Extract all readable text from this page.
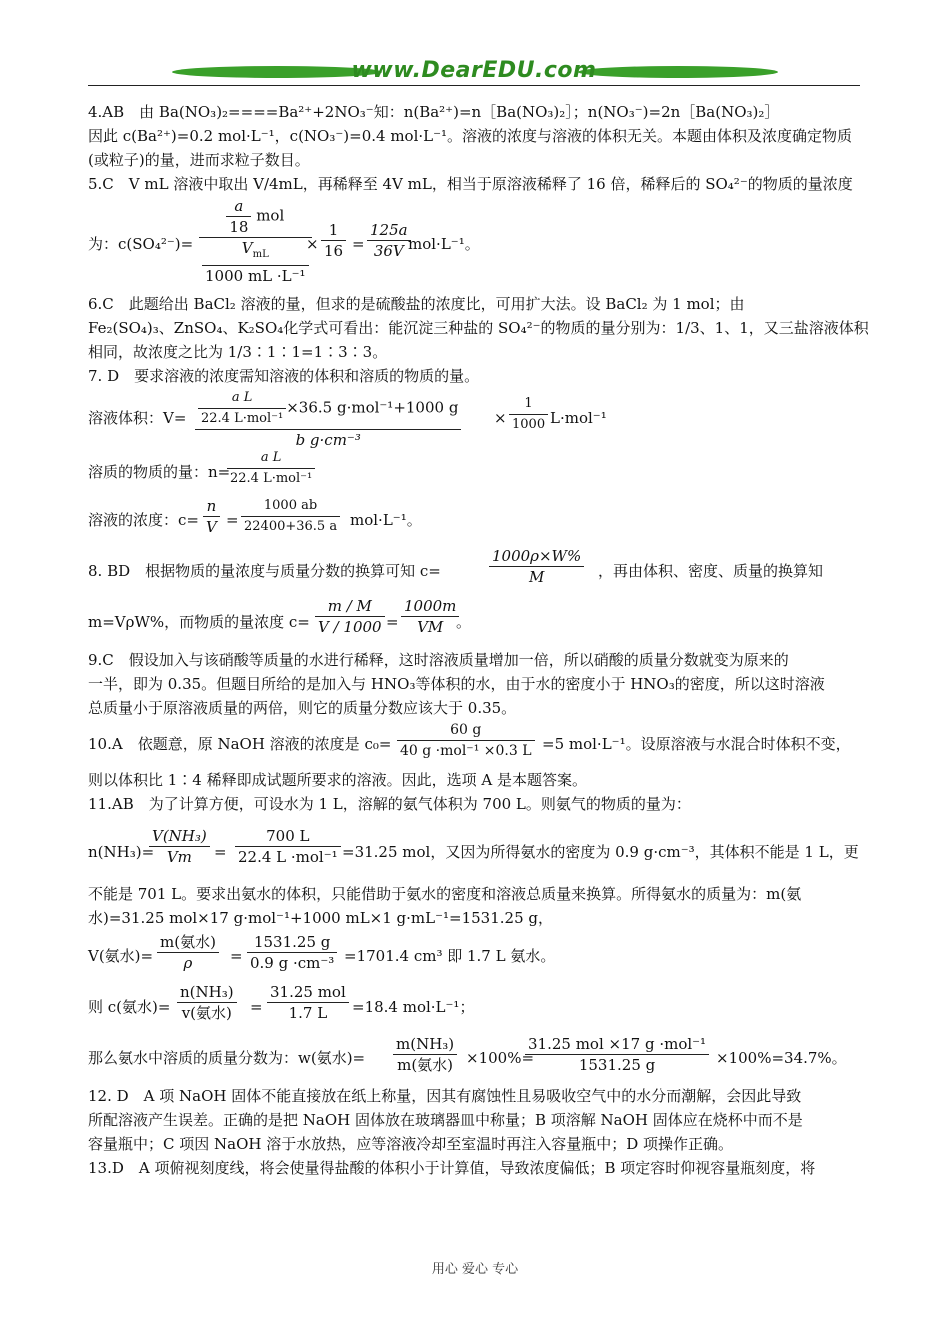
www.DearEDU.com
4.AB　由 Ba(NO₃)₂====Ba²⁺+2NO₃⁻知：n(Ba²⁺)=n［Ba(NO₃)₂］；n(NO₃⁻)=2n［Ba(NO₃)₂］
因此 c(Ba²⁺)=0.2 mol·L⁻¹，c(NO₃⁻)=0.4 mol·L⁻¹。溶液的浓度与溶液的体积无关。本题由体积及浓度确定物质
(或粒子)的量，进而求粒子数目。
5.C　V mL 溶液中取出 V/4mL，再稀释至 4V mL，相当于原溶液稀释了 16 倍，稀释后的 SO₄²⁻的物质的量浓度
为：c(SO₄²⁻)=
$\frac{a}{18}$ mol
$\frac{V_{mL}}{\text{1000 mL ·L⁻¹}}$
× $\frac{1}{16} = \frac{125a}{36V}$
mol·L⁻¹。
6.C　此题给出 BaCl₂ 溶液的量，但求的是硫酸盐的浓度比，可用扩大法。设 BaCl₂ 为 1 mol；由
Fe₂(SO₄)₃、ZnSO₄、K₂SO₄化学式可看出：能沉淀三种盐的 SO₄²⁻的物质的量分别为：1/3、1、1，又三盐溶液体积
相同，故浓度之比为 1/3∶1∶1=1∶3∶3。
7. D　要求溶液的浓度需知溶液的体积和溶质的物质的量。
溶液体积：$V= \frac{\text{a L}}{\text{22.4 L·mol⁻¹}} \times 36.5$ g·mol⁻¹+1000 g
b g·cm⁻³
× $\frac{1}{1000} L\cdot mol^{-1}$
溶质的物质的量：n=
a L
22.4 L·mol⁻¹
溶液的浓度：$c= \frac{n}{V} = \frac{1000 ab}{22400+36.5 a} mol\cdot L^{-1}$。
8. BD　根据物质的量浓度与质量分数的换算可知 c=	$\frac{1000\rho\times W\%}{M}$ ，再由体积、密度、质量的换算知
m=VρW%，而物质的量浓度 $c= \frac{m / M}{V / 1000} = \frac{1000m}{VM}$
。
9.C　假设加入与该硝酸等质量的水进行稀释，这时溶液质量增加一倍，所以硝酸的质量分数就变为原来的
一半，即为 0.35。但题目所给的是加入与 HNO₃等体积的水，由于水的密度小于 HNO₃的密度，所以这时溶液
总质量小于原溶液质量的两倍，则它的质量分数应该大于 0.35。
10.A　依题意，原 NaOH 溶液的浓度是 c₀=
60 g
40 g ·mol⁻¹ ×0.3 L =5 mol·L⁻¹。设原溶液与水混合时体积不变，
则以体积比 1∶4 稀释即成试题所要求的溶液。因此，选项 A 是本题答案。
11.AB　为了计算方便，可设水为 1 L，溶解的氨气体积为 700 L。则氨气的物质的量为：
n(NH₃)=
$\frac{\text{V(NH₃)}}{Vm}$ =
700 L
22.4 L ·mol⁻¹ =31.25 mol，又因为所得氨水的密度为 0.9 g·cm⁻³，其体积不能是 1 L，更
不能是 701 L。要求出氨水的体积，只能借助于氨水的密度和溶液总质量来换算。所得氨水的质量为：m(氨
水)=31.25 mol×17 g·mol⁻¹+1000 mL×1 g·mL⁻¹=1531.25 g，
V(氨水)=
m(氨水)
ρ	= $\frac{1531.25 g}{\text{0.9 g ·cm⁻³}} =1701.4$ cm³ 即 1.7 L 氨水。
则 c(氨水)=
n(NH₃)
v(氨水)	=
31.25 mol
1.7 L	=18.4 mol·L⁻¹；
那么氨水中溶质的质量分数为：w(氨水)=
m(NH₃)
m(氨水) ×100%=
31.25 mol ×17 g ·mol⁻¹
1531.25 g	×100%=34.7%。
12. D　A 项 NaOH 固体不能直接放在纸上称量，因其有腐蚀性且易吸收空气中的水分而潮解，会因此导致
所配溶液产生误差。正确的是把 NaOH 固体放在玻璃器皿中称量；B 项溶解 NaOH 固体应在烧杯中而不是
容量瓶中；C 项因 NaOH 溶于水放热，应等溶液冷却至室温时再注入容量瓶中；D 项操作正确。
13.D　A 项俯视刻度线，将会使量得盐酸的体积小于计算值，导致浓度偏低；B 项定容时仰视容量瓶刻度，将
用心 爱心 专心
